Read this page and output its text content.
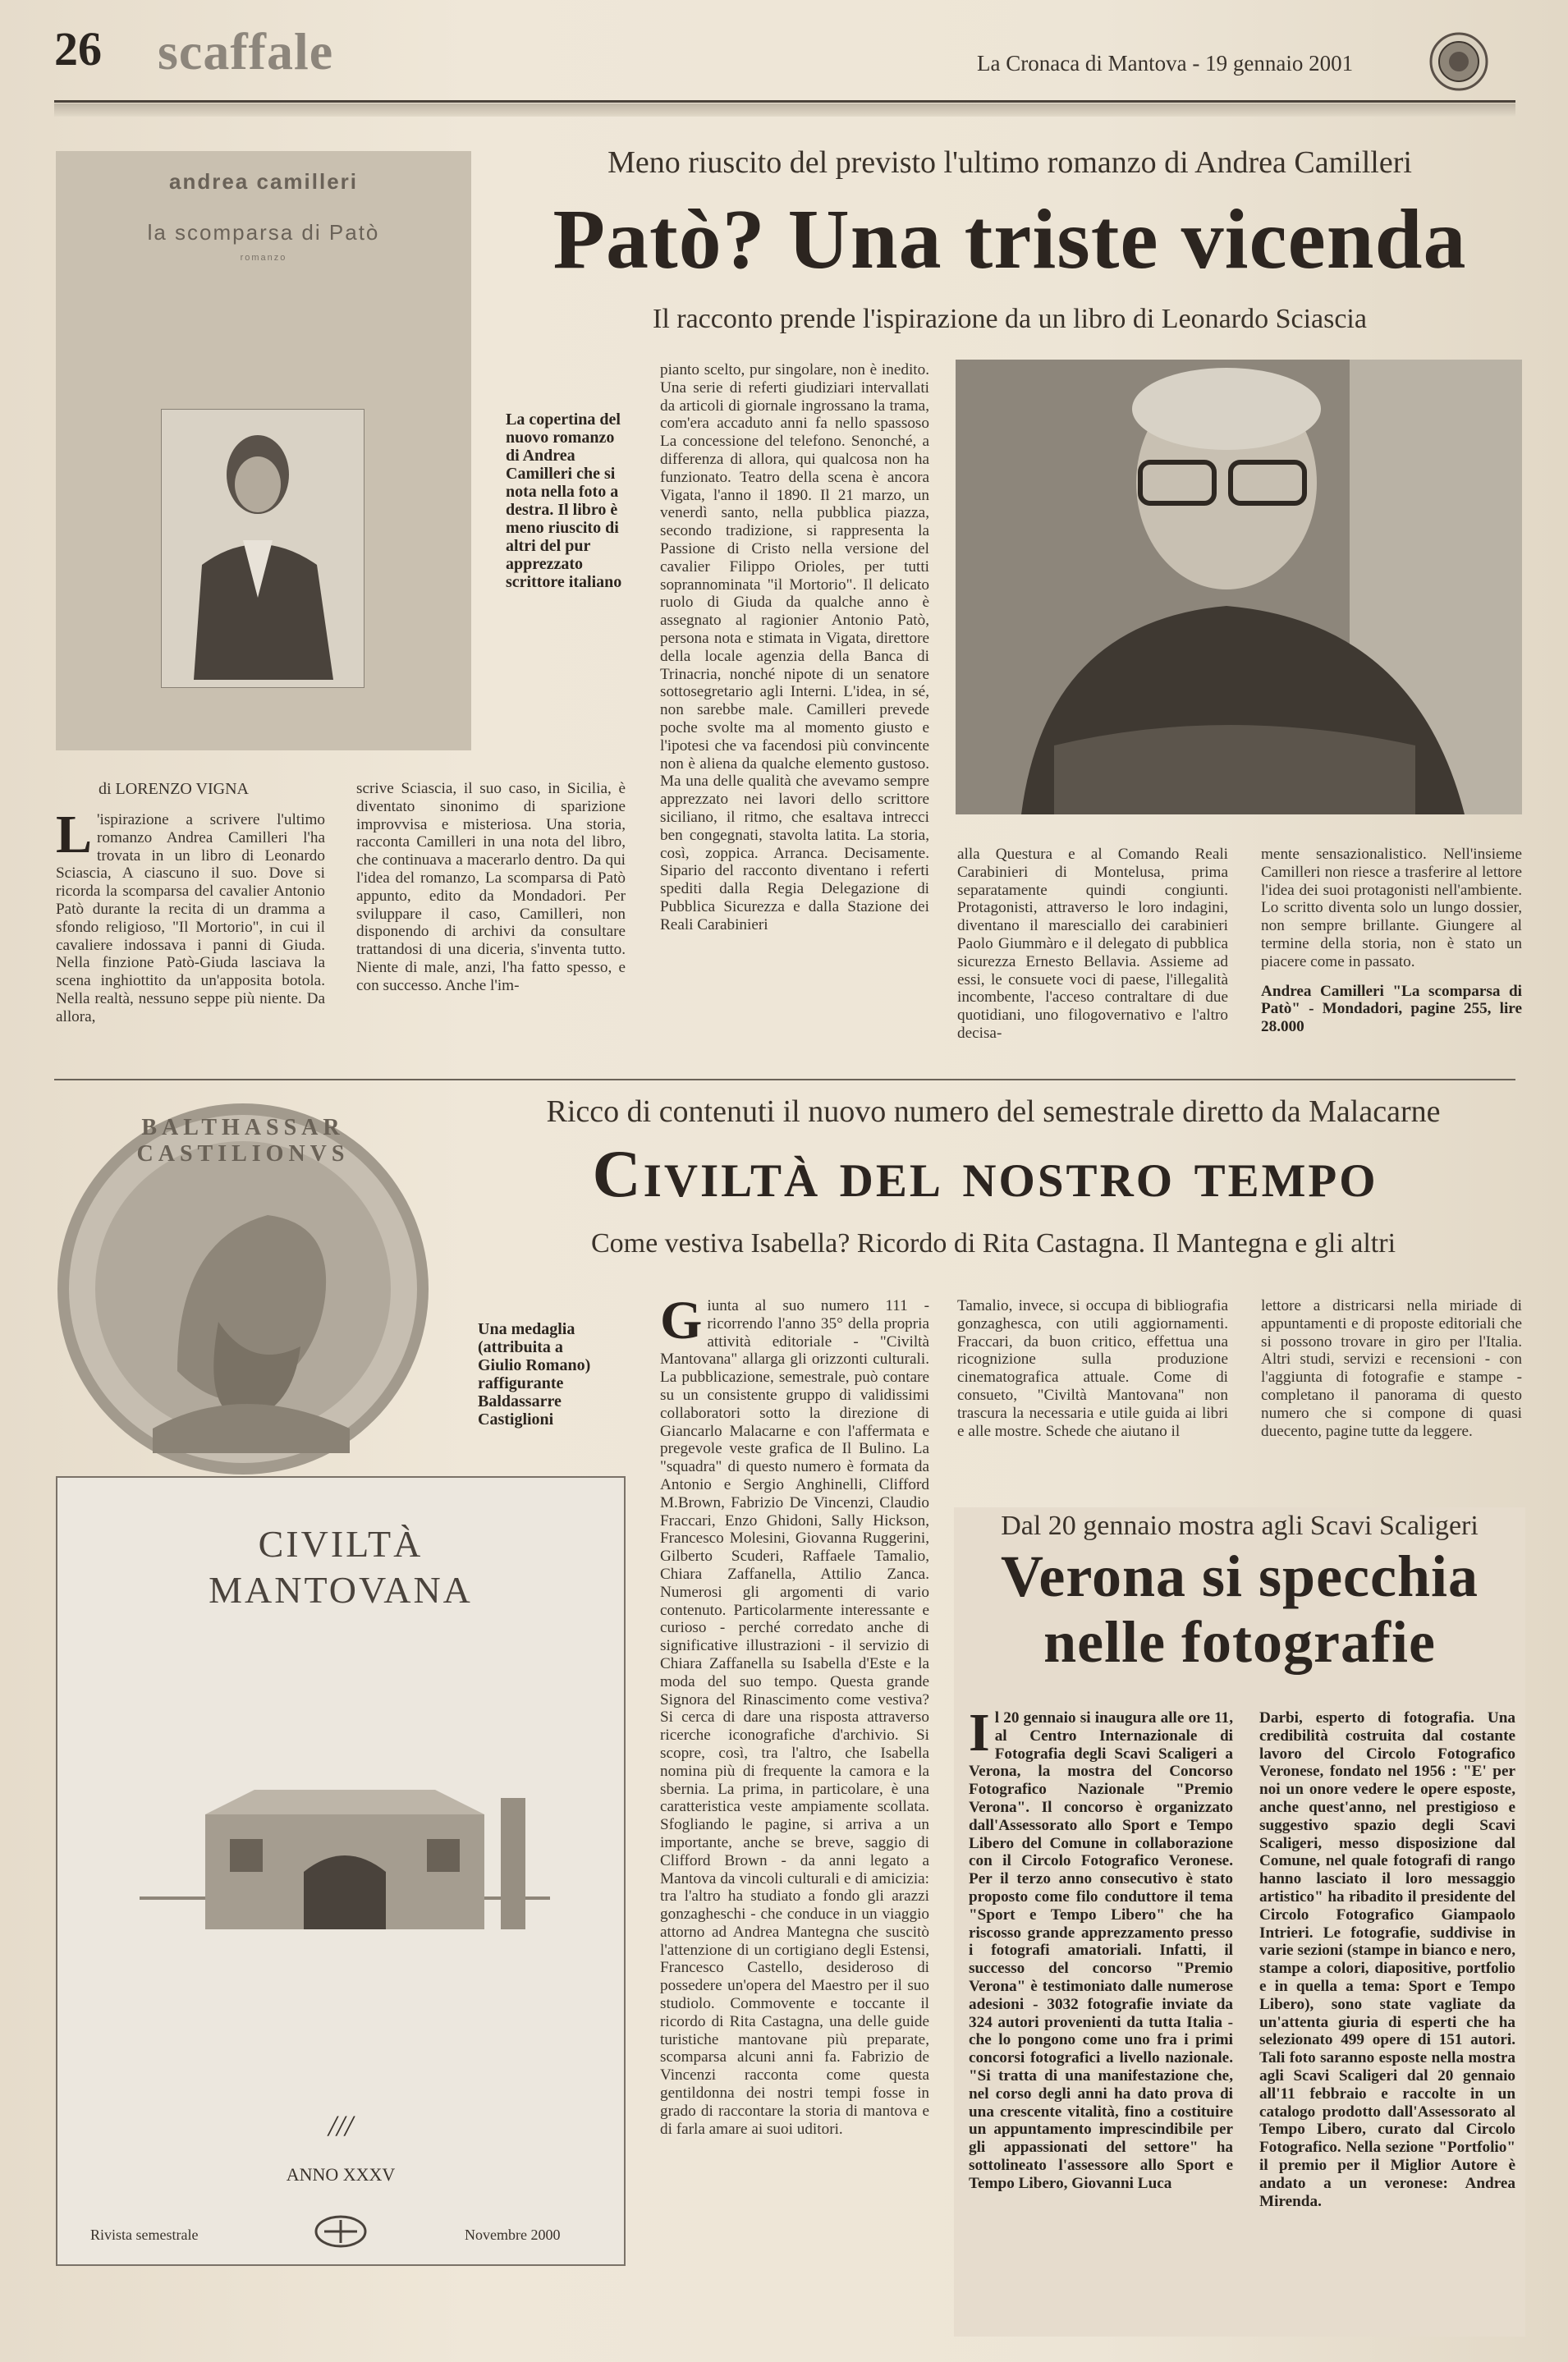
26 scaffale	La Cronaca di Mantova - 19 gennaio 2001
Meno riuscito del previsto l'ultimo romanzo di Andrea Camilleri
Patò? Una triste vicenda
Il racconto prende l'ispirazione da un libro di Leonardo Sciascia
andrea camilleri
la scomparsa di Patò
romanzo
La copertina del nuovo romanzo di Andrea Camilleri che si nota nella foto a destra. Il libro è meno riuscito di altri del pur apprezzato scrittore italiano
di LORENZO VIGNA
L 'ispirazione a scrivere l'ultimo romanzo Andrea Camilleri l'ha trovata in un libro di Leonardo Sciascia, A ciascuno il suo. Dove si ricorda la scomparsa del cavalier Antonio Patò durante la recita di un dramma a sfondo religioso, "Il Mortorio", in cui il cavaliere indossava i panni di Giuda. Nella finzione Patò-Giuda lasciava la scena inghiottito da un'apposita botola. Nella realtà, nessuno seppe più niente. Da allora,
scrive Sciascia, il suo caso, in Sicilia, è diventato sinonimo di sparizione improvvisa e misteriosa. Una storia, racconta Camilleri in una nota del libro, che continuava a macerarlo dentro. Da qui l'idea del romanzo, La scomparsa di Patò appunto, edito da Mondadori. Per sviluppare il caso, Camilleri, non disponendo di archivi da consultare trattandosi di una diceria, s'inventa tutto. Niente di male, anzi, l'ha fatto spesso, e con successo. Anche l'im-
pianto scelto, pur singolare, non è inedito. Una serie di referti giudiziari intervallati da articoli di giornale ingrossano la trama, com'era accaduto anni fa nello spassoso La concessione del telefono. Senonché, a differenza di allora, qui qualcosa non ha funzionato. Teatro della scena è ancora Vigata, l'anno il 1890. Il 21 marzo, un venerdì santo, nella pubblica piazza, secondo tradizione, si rappresenta la Passione di Cristo nella versione del cavalier Filippo Orioles, per tutti soprannominata "il Mortorio". Il delicato ruolo di Giuda da qualche anno è assegnato al ragionier Antonio Patò, persona nota e stimata in Vigata, direttore della locale agenzia della Banca di Trinacria, nonché nipote di un senatore sottosegretario agli Interni. L'idea, in sé, non sarebbe male. Camilleri prevede poche svolte ma al momento giusto e l'ipotesi che va facendosi più convincente non è aliena da qualche elemento gustoso. Ma una delle qualità che avevamo sempre apprezzato nei lavori dello scrittore siciliano, il ritmo, che esaltava intrecci ben congegnati, stavolta latita. La storia, così, zoppica. Arranca. Decisamente. Sipario del racconto diventano i referti spediti dalla Regia Delegazione di Pubblica Sicurezza e dalla Stazione dei Reali Carabinieri
alla Questura e al Comando Reali Carabinieri di Montelusa, prima separatamente quindi congiunti. Protagonisti, attraverso le loro indagini, diventano il maresciallo dei carabinieri Paolo Giummàro e il delegato di pubblica sicurezza Ernesto Bellavia. Assieme ad essi, le consuete voci di paese, l'illegalità incombente, l'acceso contraltare di due quotidiani, uno filogovernativo e l'altro decisa-
mente sensazionalistico. Nell'insieme Camilleri non riesce a trasferire al lettore l'idea dei suoi protagonisti nell'ambiente. Lo scritto diventa solo un lungo dossier, non sempre brillante. Giungere al termine della storia, non è stato un piacere come in passato.
Andrea Camilleri "La scomparsa di Patò" - Mondadori, pagine 255, lire 28.000
Ricco di contenuti il nuovo numero del semestrale diretto da Malacarne
Civiltà del nostro tempo
Come vestiva Isabella? Ricordo di Rita Castagna. Il Mantegna e gli altri
BALTHASSAR CASTILIONVS
Una medaglia (attribuita a Giulio Romano) raffigurante Baldassarre Castiglioni
CIVILTÀ
MANTOVANA
///
ANNO XXXV
Rivista semestrale	Novembre 2000
Giunta al suo numero 111 - ricorrendo l'anno 35° della propria attività editoriale - "Civiltà Mantovana" allarga gli orizzonti culturali. La pubblicazione, semestrale, può contare su un consistente gruppo di validissimi collaboratori sotto la direzione di Giancarlo Malacarne e con l'affermata e pregevole veste grafica de Il Bulino. La "squadra" di questo numero è formata da Antonio e Sergio Anghinelli, Clifford M.Brown, Fabrizio De Vincenzi, Claudio Fraccari, Enzo Ghidoni, Sally Hickson, Francesco Molesini, Giovanna Ruggerini, Gilberto Scuderi, Raffaele Tamalio, Chiara Zaffanella, Attilio Zanca. Numerosi gli argomenti di vario contenuto. Particolarmente interessante e curioso - perché corredato anche di significative illustrazioni - il servizio di Chiara Zaffanella su Isabella d'Este e la moda del suo tempo. Questa grande Signora del Rinascimento come vestiva? Si cerca di dare una risposta attraverso ricerche iconografiche d'archivio. Si scopre, così, tra l'altro, che Isabella nomina più di frequente la camora e la sbernia. La prima, in particolare, è una caratteristica veste ampiamente scollata. Sfogliando le pagine, si arriva a un importante, anche se breve, saggio di Clifford Brown - da anni legato a Mantova da vincoli culturali e di amicizia: tra l'altro ha studiato a fondo gli arazzi gonzagheschi - che conduce in un viaggio attorno ad Andrea Mantegna che suscitò l'attenzione di un cortigiano degli Estensi, Francesco Castello, desideroso di possedere un'opera del Maestro per il suo studiolo. Commovente e toccante il ricordo di Rita Castagna, una delle guide turistiche mantovane più preparate, scomparsa alcuni anni fa. Fabrizio de Vincenzi racconta come questa gentildonna dei nostri tempi fosse in grado di raccontare la storia di mantova e di farla amare ai suoi uditori.
Tamalio, invece, si occupa di bibliografia gonzaghesca, con utili aggiornamenti. Fraccari, da buon critico, effettua una ricognizione sulla produzione cinematografica attuale. Come di consueto, "Civiltà Mantovana" non trascura la necessaria e utile guida ai libri e alle mostre. Schede che aiutano il
lettore a districarsi nella miriade di appuntamenti e di proposte editoriali che si possono trovare in giro per l'Italia. Altri studi, servizi e recensioni - con l'aggiunta di fotografie e stampe - completano il panorama di questo numero che si compone di quasi duecento, pagine tutte da leggere.
Dal 20 gennaio mostra agli Scavi Scaligeri
Verona si specchia
nelle fotografie
Il 20 gennaio si inaugura alle ore 11, al Centro Internazionale di Fotografia degli Scavi Scaligeri a Verona, la mostra del Concorso Fotografico Nazionale "Premio Verona". Il concorso è organizzato dall'Assessorato allo Sport e Tempo Libero del Comune in collaborazione con il Circolo Fotografico Veronese. Per il terzo anno consecutivo è stato proposto come filo conduttore il tema "Sport e Tempo Libero" che ha riscosso grande apprezzamento presso i fotografi amatoriali. Infatti, il successo del concorso "Premio Verona" è testimoniato dalle numerose adesioni - 3032 fotografie inviate da 324 autori provenienti da tutta Italia - che lo pongono come uno fra i primi concorsi fotografici a livello nazionale. "Si tratta di una manifestazione che, nel corso degli anni ha dato prova di una crescente vitalità, fino a costituire un appuntamento imprescindibile per gli appassionati del settore" ha sottolineato l'assessore allo Sport e Tempo Libero, Giovanni Luca
Darbi, esperto di fotografia. Una credibilità costruita dal costante lavoro del Circolo Fotografico Veronese, fondato nel 1956 : "E' per noi un onore vedere le opere esposte, anche quest'anno, nel prestigioso e suggestivo spazio degli Scavi Scaligeri, messo disposizione dal Comune, nel quale fotografi di rango hanno lasciato il loro messaggio artistico" ha ribadito il presidente del Circolo Fotografico Giampaolo Intrieri. Le fotografie, suddivise in varie sezioni (stampe in bianco e nero, stampe a colori, diapositive, portfolio e in quella a tema: Sport e Tempo Libero), sono state vagliate da un'attenta giuria di esperti che ha selezionato 499 opere di 151 autori. Tali foto saranno esposte nella mostra agli Scavi Scaligeri dal 20 gennaio all'11 febbraio e raccolte in un catalogo prodotto dall'Assessorato al Tempo Libero, curato dal Circolo Fotografico. Nella sezione "Portfolio" il premio per il Miglior Autore è andato a un veronese: Andrea Mirenda.
